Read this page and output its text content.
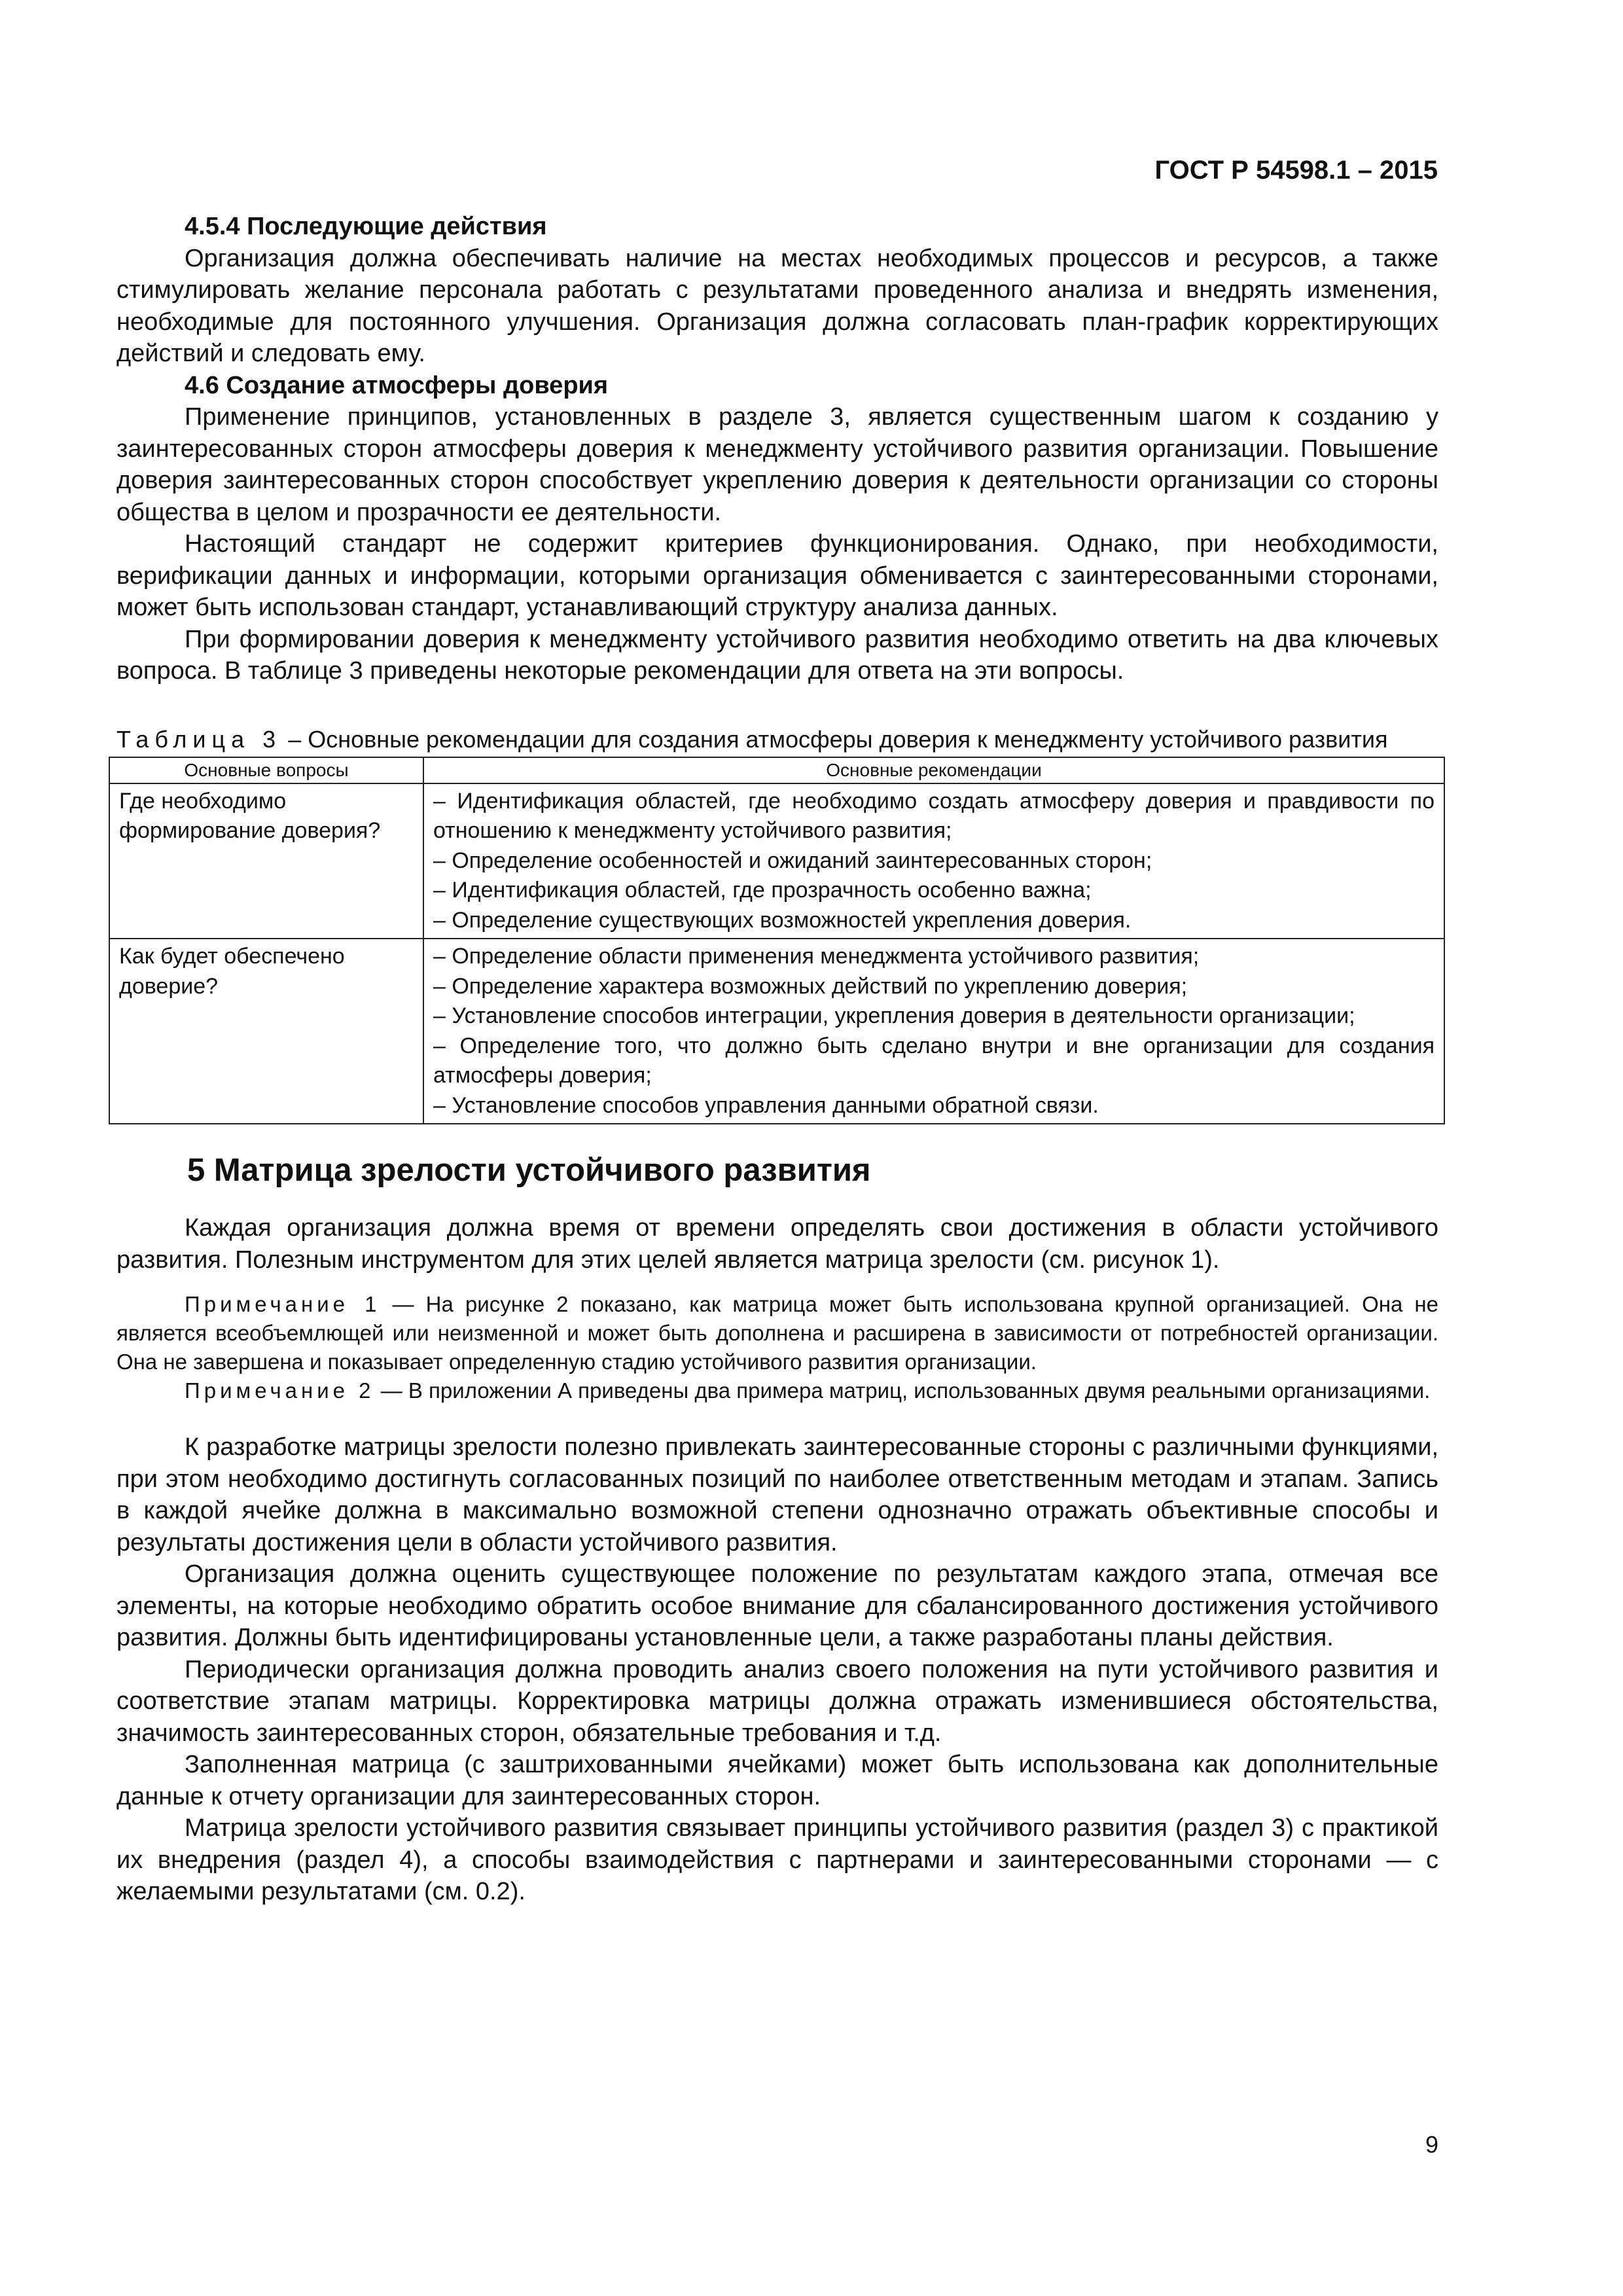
ГОСТ Р 54598.1 – 2015

4.5.4 Последующие действия

Организация должна обеспечивать наличие на местах необходимых процессов и ресурсов, а также стимулировать желание персонала работать с результатами проведенного анализа и внедрять изменения, необходимые для постоянного улучшения. Организация должна согласовать план-график корректирующих действий и следовать ему.

4.6 Создание атмосферы доверия

Применение принципов, установленных в разделе 3, является существенным шагом к созданию у заинтересованных сторон атмосферы доверия к менеджменту устойчивого развития организации. Повышение доверия заинтересованных сторон способствует укреплению доверия к деятельности организации со стороны общества в целом и прозрачности ее деятельности.

Настоящий стандарт не содержит критериев функционирования. Однако, при необходимости, верификации данных и информации, которыми организация обменивается с заинтересованными сторонами, может быть использован стандарт, устанавливающий структуру анализа данных.

При формировании доверия к менеджменту устойчивого развития необходимо ответить на два ключевых вопроса. В таблице 3 приведены некоторые рекомендации для ответа на эти вопросы.

Таблица 3 – Основные рекомендации для создания атмосферы доверия к менеджменту устойчивого развития

Основные вопросы	Основные рекомендации
Где необходимо формирование доверия?	– Идентификация областей, где необходимо создать атмосферу доверия и правдивости по отношению к менеджменту устойчивого развития;
– Определение особенностей и ожиданий заинтересованных сторон;
– Идентификация областей, где прозрачность особенно важна;
– Определение существующих возможностей укрепления доверия.

Как будет обеспечено доверие?	– Определение области применения менеджмента устойчивого развития;
– Определение характера возможных действий по укреплению доверия;
– Установление способов интеграции, укрепления доверия в деятельности организации;
– Определение того, что должно быть сделано внутри и вне организации для создания атмосферы доверия;
– Установление способов управления данными обратной связи.

5 Матрица зрелости устойчивого развития

Каждая организация должна время от времени определять свои достижения в области устойчивого развития. Полезным инструментом для этих целей является матрица зрелости (см. рисунок 1).

Примечание 1 — На рисунке 2 показано, как матрица может быть использована крупной организацией. Она не является всеобъемлющей или неизменной и может быть дополнена и расширена в зависимости от потребностей организации. Она не завершена и показывает определенную стадию устойчивого развития организации.

Примечание 2 — В приложении А приведены два примера матриц, использованных двумя реальными организациями.

К разработке матрицы зрелости полезно привлекать заинтересованные стороны с различными функциями, при этом необходимо достигнуть согласованных позиций по наиболее ответственным методам и этапам. Запись в каждой ячейке должна в максимально возможной степени однозначно отражать объективные способы и результаты достижения цели в области устойчивого развития.

Организация должна оценить существующее положение по результатам каждого этапа, отмечая все элементы, на которые необходимо обратить особое внимание для сбалансированного достижения устойчивого развития. Должны быть идентифицированы установленные цели, а также разработаны планы действия.

Периодически организация должна проводить анализ своего положения на пути устойчивого развития и соответствие этапам матрицы. Корректировка матрицы должна отражать изменившиеся обстоятельства, значимость заинтересованных сторон, обязательные требования и т.д.

Заполненная матрица (с заштрихованными ячейками) может быть использована как дополнительные данные к отчету организации для заинтересованных сторон.

Матрица зрелости устойчивого развития связывает принципы устойчивого развития (раздел 3) с практикой их внедрения (раздел 4), а способы взаимодействия с партнерами и заинтересованными сторонами — с желаемыми результатами (см. 0.2).

9
